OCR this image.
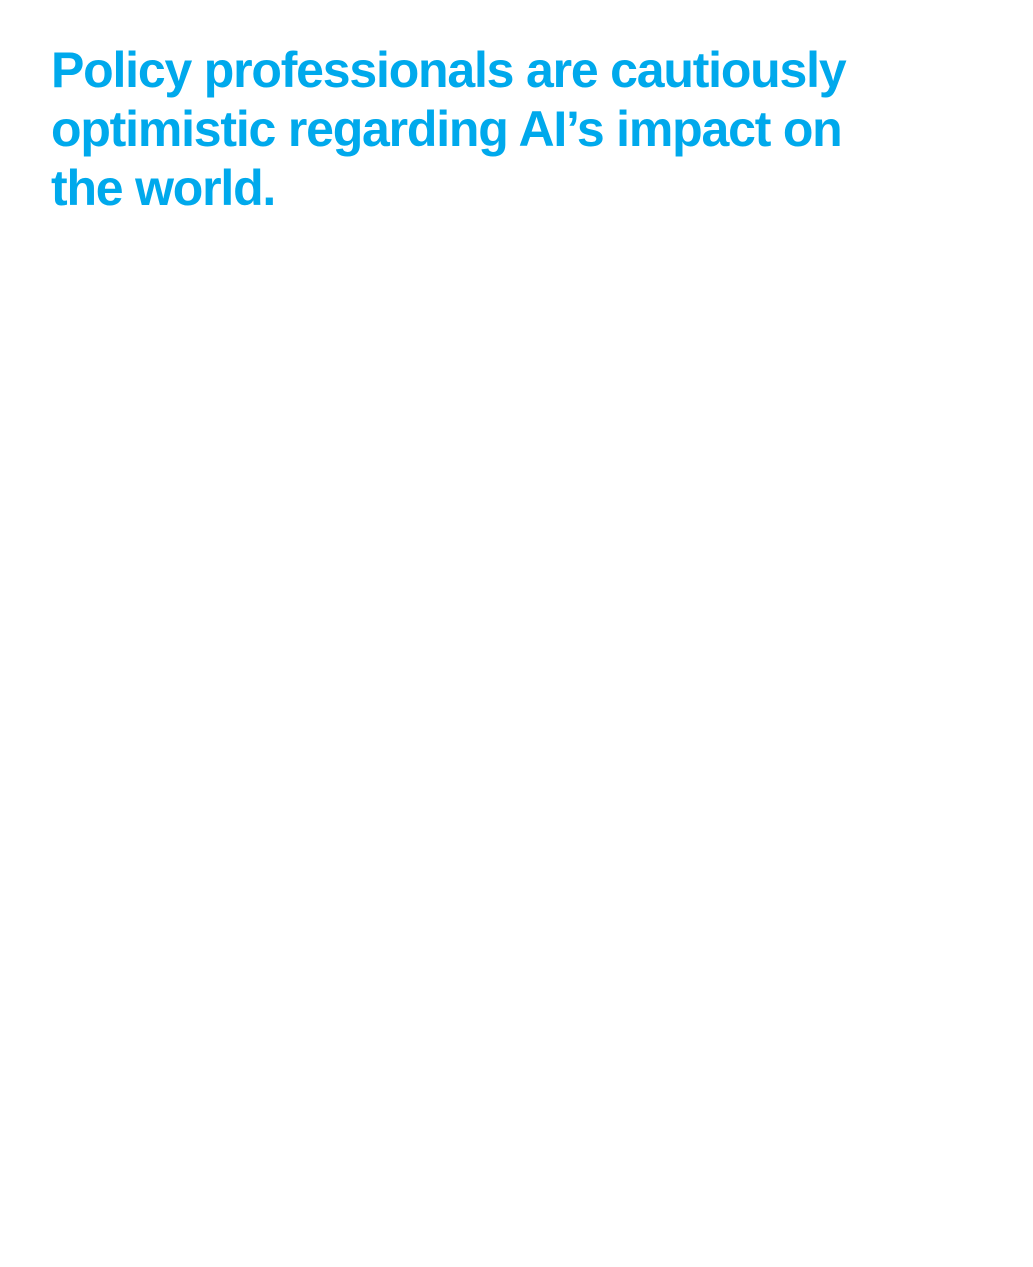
Policy professionals are cautiously
optimistic regarding AI’s impact on
the world.
